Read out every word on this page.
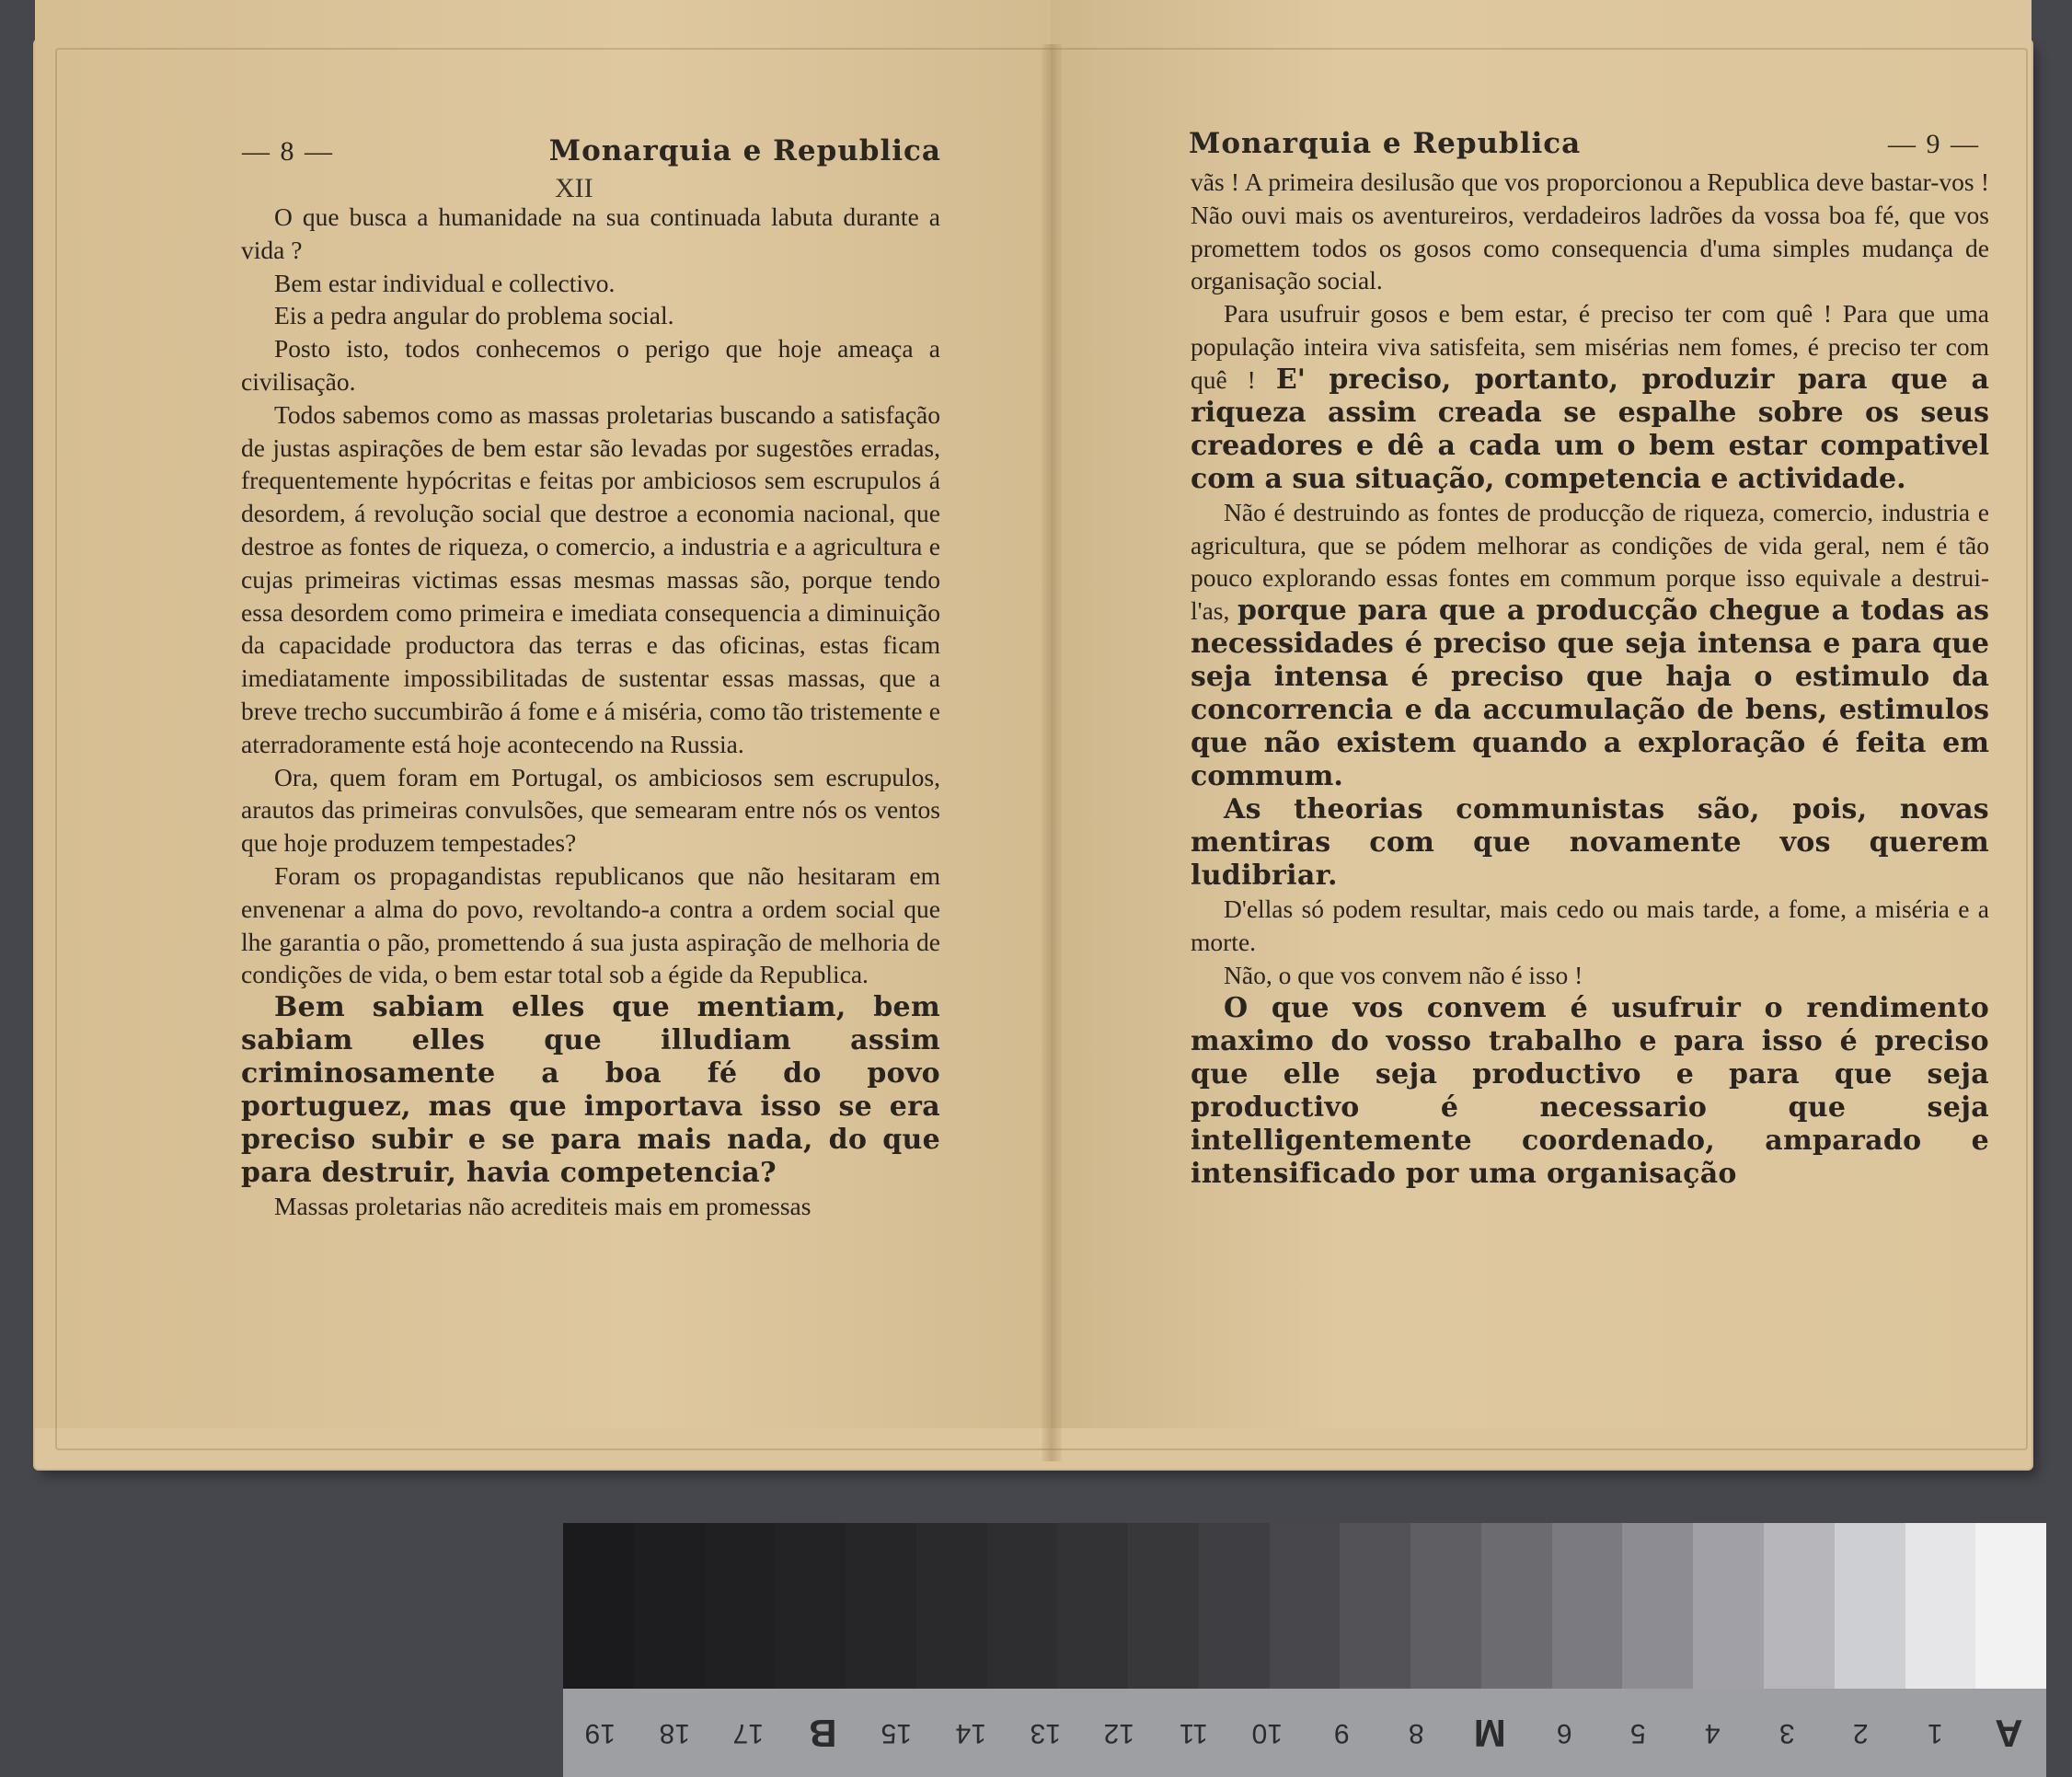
— 8 —	Monarquia e Republica
XII

O que busca a humanidade na sua continuada labuta durante a vida ?

Bem estar individual e collectivo.

Eis a pedra angular do problema social.

Posto isto, todos conhecemos o perigo que hoje ameaça a civilisação.

Todos sabemos como as massas proletarias buscando a satisfação de justas aspirações de bem estar são levadas por sugestões erradas, frequentemente hypócritas e feitas por ambiciosos sem escrupulos á desordem, á revolução social que destroe a economia nacional, que destroe as fontes de riqueza, o comercio, a industria e a agricultura e cujas primeiras victimas essas mesmas massas são, porque tendo essa desordem como primeira e imediata consequencia a diminuição da capacidade productora das terras e das oficinas, estas ficam imediatamente impossibilitadas de sustentar essas massas, que a breve trecho succumbirão á fome e á miséria, como tão tristemente e aterradoramente está hoje acontecendo na Russia.

Ora, quem foram em Portugal, os ambiciosos sem escrupulos, arautos das primeiras convulsões, que semearam entre nós os ventos que hoje produzem tempestades?

Foram os propagandistas republicanos que não hesitaram em envenenar a alma do povo, revoltando-a contra a ordem social que lhe garantia o pão, promettendo á sua justa aspiração de melhoria de condições de vida, o bem estar total sob a égide da Republica.

Bem sabiam elles que mentiam, bem sabiam elles que illudiam assim criminosamente a boa fé do povo portuguez, mas que importava isso se era preciso subir e se para mais nada, do que para destruir, havia competencia?

Massas proletarias não acrediteis mais em promessas

Monarquia e Republica	— 9 —

vãs ! A primeira desilusão que vos proporcionou a Republica deve bastar-vos ! Não ouvi mais os aventureiros, verdadeiros ladrões da vossa boa fé, que vos promettem todos os gosos como consequencia d'uma simples mudança de organisação social.

Para usufruir gosos e bem estar, é preciso ter com quê ! Para que uma população inteira viva satisfeita, sem misérias nem fomes, é preciso ter com quê ! E' preciso, portanto, produzir para que a riqueza assim creada se espalhe sobre os seus creadores e dê a cada um o bem estar compativel com a sua situação, competencia e actividade.

Não é destruindo as fontes de producção de riqueza, comercio, industria e agricultura, que se pódem melhorar as condições de vida geral, nem é tão pouco explorando essas fontes em commum porque isso equivale a destrui-l'as, porque para que a producção chegue a todas as necessidades é preciso que seja intensa e para que seja intensa é preciso que haja o estimulo da concorrencia e da accumulação de bens, estimulos que não existem quando a exploração é feita em commum.

As theorias communistas são, pois, novas mentiras com que novamente vos querem ludibriar.

D'ellas só podem resultar, mais cedo ou mais tarde, a fome, a miséria e a morte.

Não, o que vos convem não é isso !

O que vos convem é usufruir o rendimento maximo do vosso trabalho e para isso é preciso que elle seja productivo e para que seja productivo é necessario que seja intelligentemente coordenado, amparado e intensificado por uma organisação

19	18	17	B	15	14	13	12	11	10	9	8	M	6	5	4	3	2	1	A
